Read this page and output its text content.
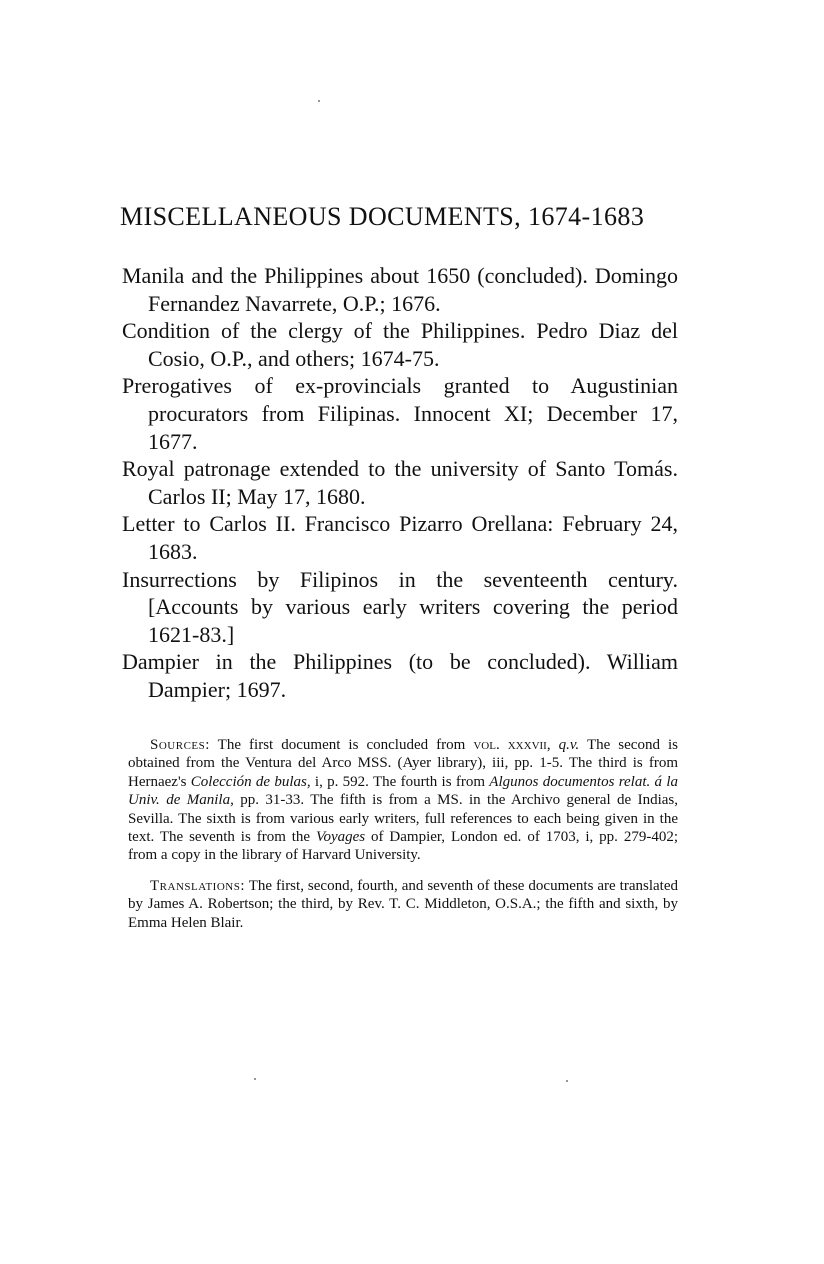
MISCELLANEOUS DOCUMENTS, 1674-1683
Manila and the Philippines about 1650 (concluded). Domingo Fernandez Navarrete, O.P.; 1676.
Condition of the clergy of the Philippines. Pedro Diaz del Cosio, O.P., and others; 1674-75.
Prerogatives of ex-provincials granted to Augustinian procurators from Filipinas. Innocent XI; December 17, 1677.
Royal patronage extended to the university of Santo Tomás. Carlos II; May 17, 1680.
Letter to Carlos II. Francisco Pizarro Orellana: February 24, 1683.
Insurrections by Filipinos in the seventeenth century. [Accounts by various early writers covering the period 1621-83.]
Dampier in the Philippines (to be concluded). William Dampier; 1697.

Sources: The first document is concluded from vol. xxxvii, q.v. The second is obtained from the Ventura del Arco MSS. (Ayer library), iii, pp. 1-5. The third is from Hernaez's Colección de bulas, i, p. 592. The fourth is from Algunos documentos relat. á la Univ. de Manila, pp. 31-33. The fifth is from a MS. in the Archivo general de Indias, Sevilla. The sixth is from various early writers, full references to each being given in the text. The seventh is from the Voyages of Dampier, London ed. of 1703, i, pp. 279-402; from a copy in the library of Harvard University.

Translations: The first, second, fourth, and seventh of these documents are translated by James A. Robertson; the third, by Rev. T. C. Middleton, O.S.A.; the fifth and sixth, by Emma Helen Blair.
